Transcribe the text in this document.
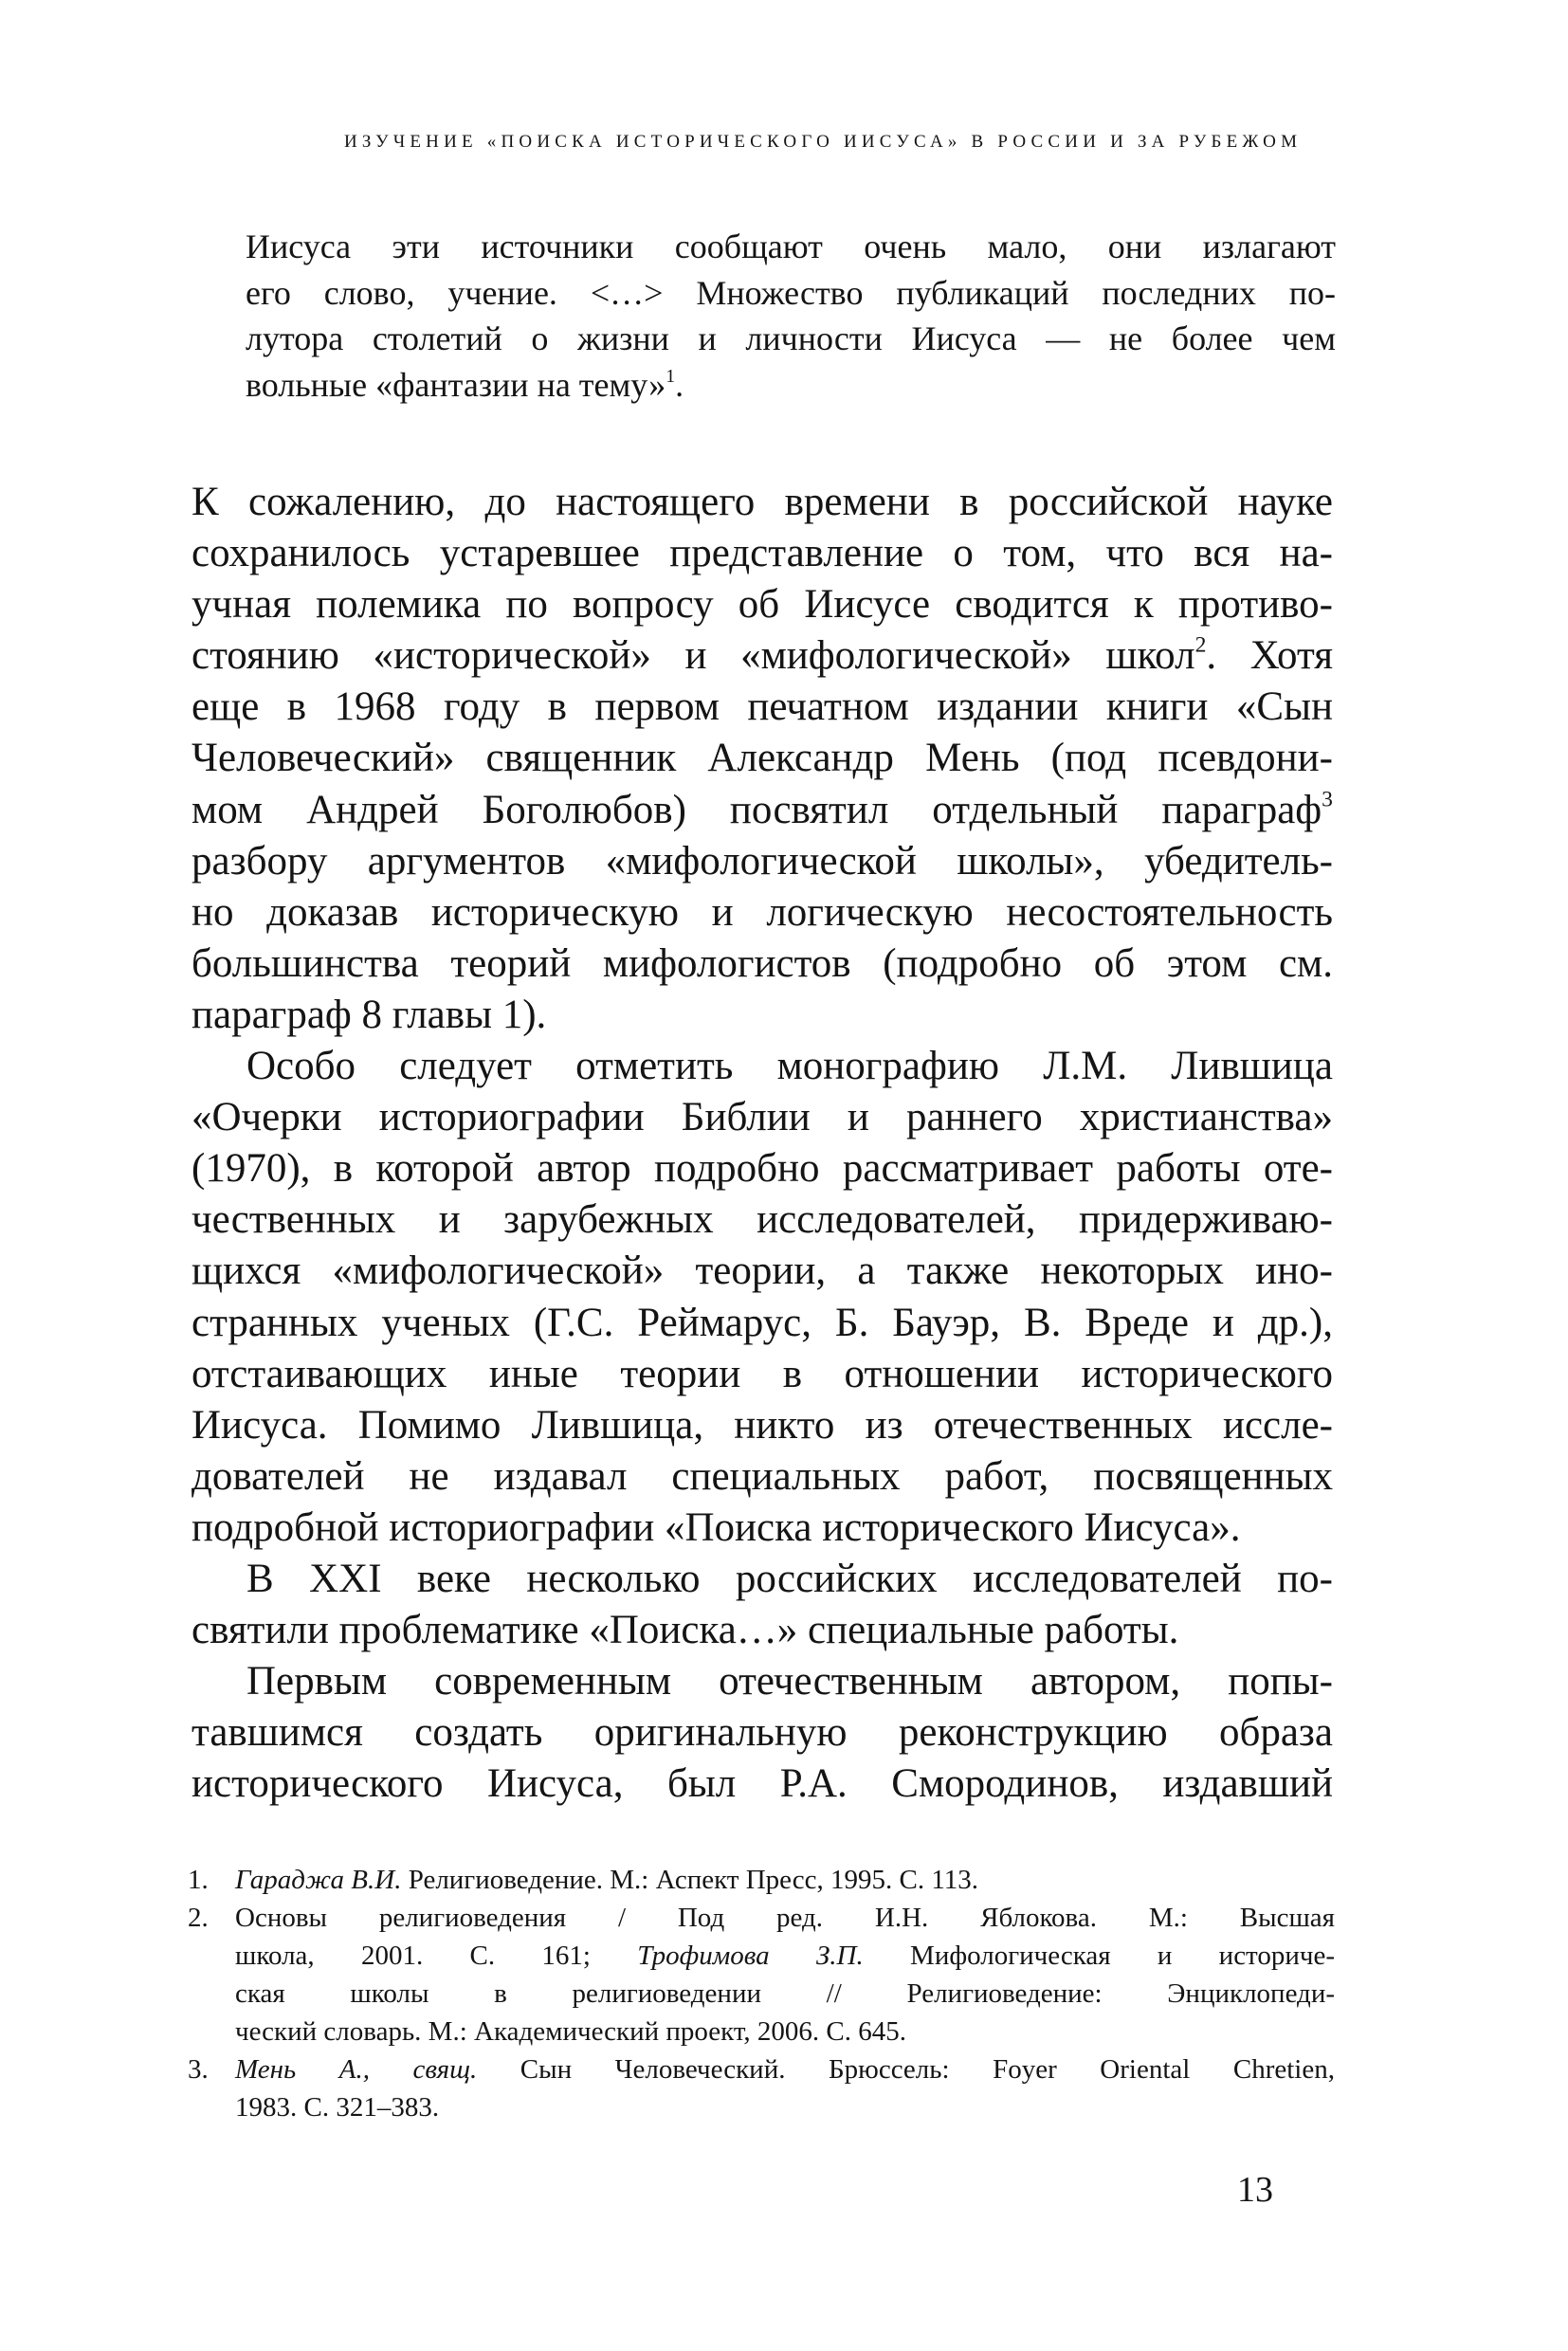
ИЗУЧЕНИЕ «ПОИСКА ИСТОРИЧЕСКОГО ИИСУСА» В РОССИИ И ЗА РУБЕЖОМ
Иисуса эти источники сообщают очень мало, они излагают
его слово, учение. <…> Множество публикаций последних по-
лутора столетий о жизни и личности Иисуса — не более чем
вольные «фантазии на тему»$^1$.
К сожалению, до настоящего времени в российской науке
сохранилось устаревшее представление о том, что вся на-
учная полемика по вопросу об Иисусе сводится к противо-
стоянию «исторической» и «мифологической» школ$^2$. Хотя
еще в 1968 году в первом печатном издании книги «Сын
Человеческий» священник Александр Мень (под псевдони-
мом Андрей Боголюбов) посвятил отдельный параграф$^3$
разбору аргументов «мифологической школы», убедитель-
но доказав историческую и логическую несостоятельность
большинства теорий мифологистов (подробно об этом см.
параграф 8 главы 1).
Особо следует отметить монографию Л.М. Лившица
«Очерки историографии Библии и раннего христианства»
(1970), в которой автор подробно рассматривает работы оте-
чественных и зарубежных исследователей, придерживаю-
щихся «мифологической» теории, а также некоторых ино-
странных ученых (Г.С. Реймарус, Б. Бауэр, В. Вреде и др.),
отстаивающих иные теории в отношении исторического
Иисуса. Помимо Лившица, никто из отечественных иссле-
дователей не издавал специальных работ, посвященных
подробной историографии «Поиска исторического Иисуса».
В XXI веке несколько российских исследователей по-
святили проблематике «Поиска…» специальные работы.
Первым современным отечественным автором, попы-
тавшимся создать оригинальную реконструкцию образа
исторического Иисуса, был Р.А. Смородинов, издавший
1. Гараджа В.И. Религиоведение. М.: Аспект Пресс, 1995. С. 113.
2. Основы религиоведения / Под ред. И.Н. Яблокова. М.: Высшая
школа, 2001. С. 161; Трофимова З.П. Мифологическая и историче-
ская школы в религиоведении // Религиоведение: Энциклопеди-
ческий словарь. М.: Академический проект, 2006. С. 645.
3. Мень А., свящ. Сын Человеческий. Брюссель: Foyer Oriental Chretien,
1983. С. 321–383.
13
